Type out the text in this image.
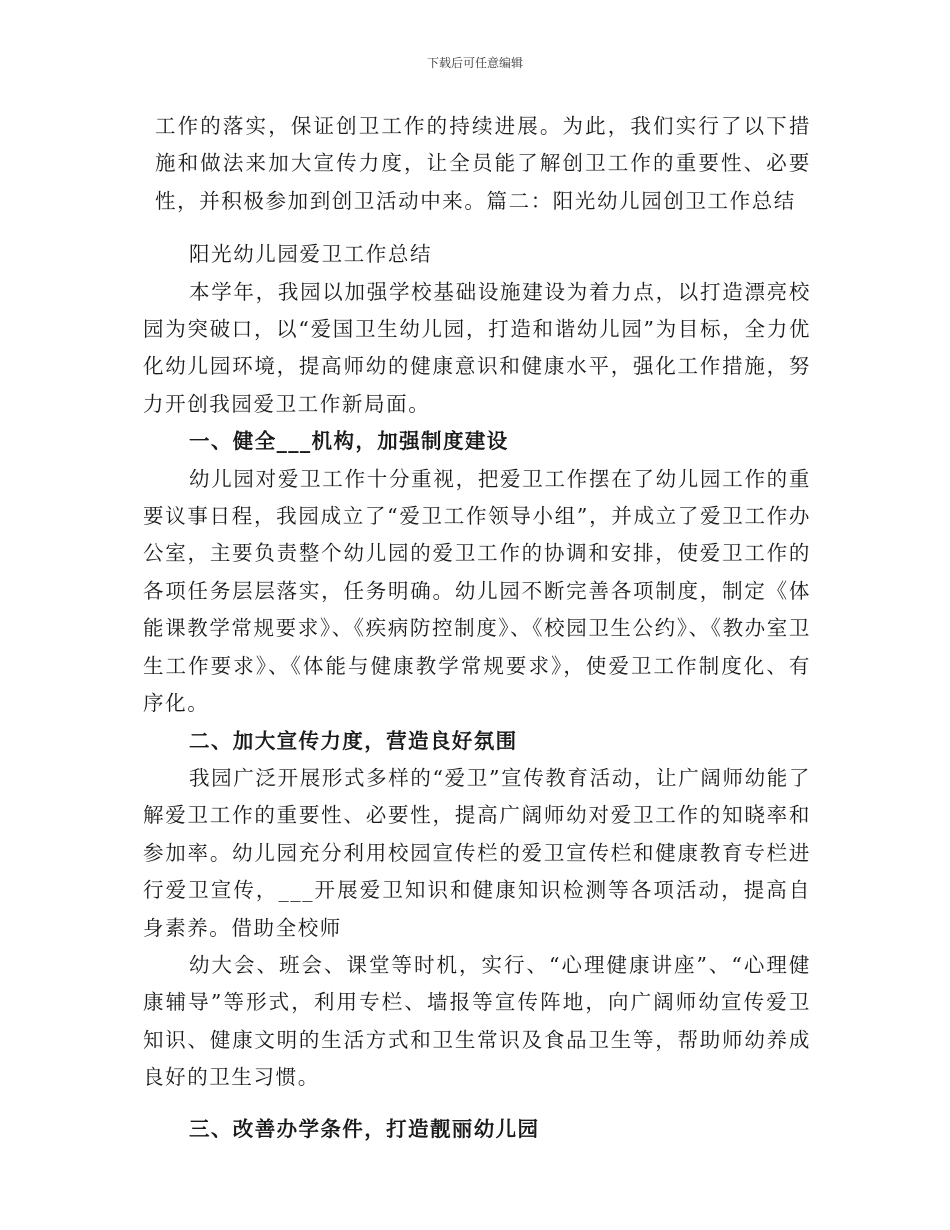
下载后可任意编辑

工作的落实，保证创卫工作的持续进展。为此，我们实行了以下措施和做法来加大宣传力度，让全员能了解创卫工作的重要性、必要性，并积极参加到创卫活动中来。篇二：阳光幼儿园创卫工作总结

阳光幼儿园爱卫工作总结

本学年，我园以加强学校基础设施建设为着力点，以打造漂亮校园为突破口，以“爱国卫生幼儿园，打造和谐幼儿园”为目标，全力优化幼儿园环境，提高师幼的健康意识和健康水平，强化工作措施，努力开创我园爱卫工作新局面。

一、健全___机构，加强制度建设

幼儿园对爱卫工作十分重视，把爱卫工作摆在了幼儿园工作的重要议事日程，我园成立了“爱卫工作领导小组”，并成立了爱卫工作办公室，主要负责整个幼儿园的爱卫工作的协调和安排，使爱卫工作的各项任务层层落实，任务明确。幼儿园不断完善各项制度，制定《体能课教学常规要求》、《疾病防控制度》、《校园卫生公约》、《教办室卫生工作要求》、《体能与健康教学常规要求》，使爱卫工作制度化、有序化。

二、加大宣传力度，营造良好氛围

我园广泛开展形式多样的“爱卫”宣传教育活动，让广阔师幼能了解爱卫工作的重要性、必要性，提高广阔师幼对爱卫工作的知晓率和参加率。幼儿园充分利用校园宣传栏的爱卫宣传栏和健康教育专栏进行爱卫宣传，___开展爱卫知识和健康知识检测等各项活动，提高自身素养。借助全校师

幼大会、班会、课堂等时机，实行、“心理健康讲座”、“心理健康辅导”等形式，利用专栏、墙报等宣传阵地，向广阔师幼宣传爱卫知识、健康文明的生活方式和卫生常识及食品卫生等，帮助师幼养成良好的卫生习惯。

三、改善办学条件，打造靓丽幼儿园
